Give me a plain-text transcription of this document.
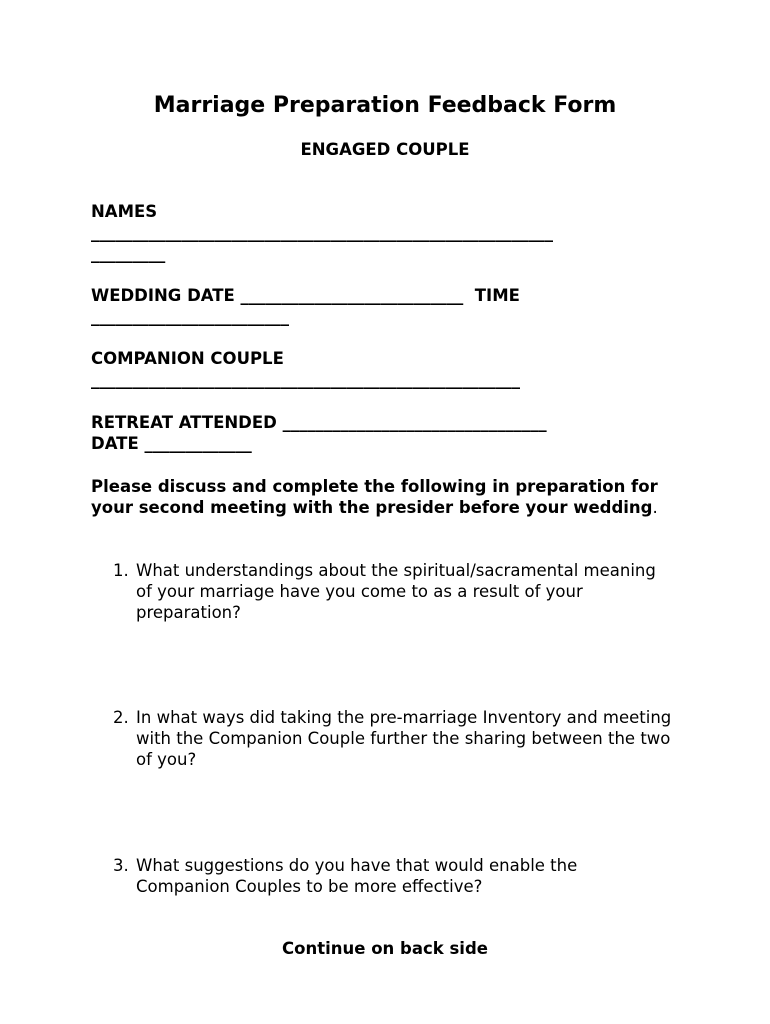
Marriage Preparation Feedback Form
ENGAGED COUPLE
NAMES
________________________________________________________
_________
WEDDING DATE ___________________________  TIME
________________________
COMPANION COUPLE
____________________________________________________
RETREAT ATTENDED ________________________________
DATE _____________
Please discuss and complete the following in preparation for your second meeting with the presider before your wedding.
1. What understandings about the spiritual/sacramental meaning of your marriage have you come to as a result of your preparation?
2. In what ways did taking the pre-marriage Inventory and meeting with the Companion Couple further the sharing between the two of you?
3. What suggestions do you have that would enable the Companion Couples to be more effective?
Continue on back side
